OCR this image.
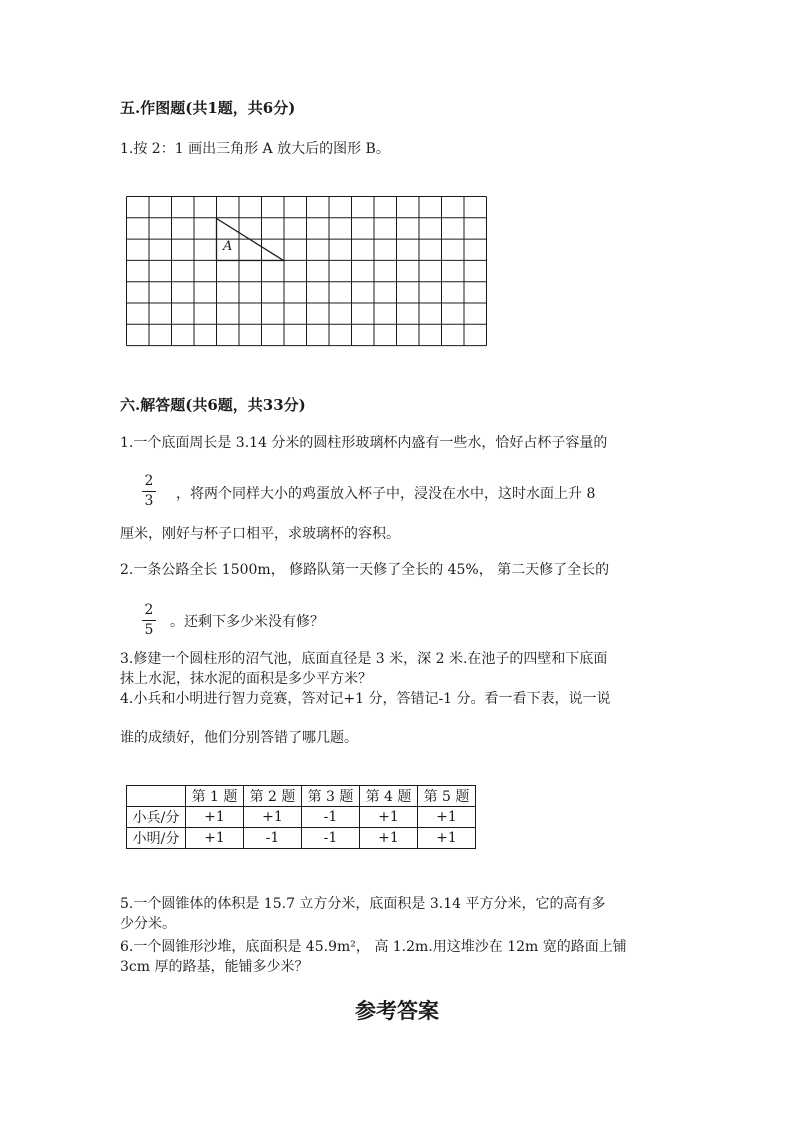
五.作图题(共1题，共6分)
1.按 2：1 画出三角形 A 放大后的图形 B。
A
六.解答题(共6题，共33分)
1.一个底面周长是 3.14 分米的圆柱形玻璃杯内盛有一些水，恰好占杯子容量的
2
3 ，将两个同样大小的鸡蛋放入杯子中，浸没在水中，这时水面上升 8
厘米，刚好与杯子口相平，求玻璃杯的容积。
2.一条公路全长 1500m， 修路队第一天修了全长的 45%， 第二天修了全长的
2
5 。还剩下多少米没有修？
3.修建一个圆柱形的沼气池，底面直径是 3 米，深 2 米.在池子的四壁和下底面
抹上水泥，抹水泥的面积是多少平方米？
4.小兵和小明进行智力竞赛，答对记+1 分，答错记-1 分。看一看下表，说一说
谁的成绩好，他们分别答错了哪几题。
	第 1 题	第 2 题	第 3 题	第 4 题	第 5 题
小兵/分	+1	+1	-1	+1	+1
小明/分	+1	-1	-1	+1	+1
5.一个圆锥体的体积是 15.7 立方分米，底面积是 3.14 平方分米，它的高有多
少分米。
6.一个圆锥形沙堆，底面积是 45.9m²， 高 1.2m.用这堆沙在 12m 宽的路面上铺
3cm 厚的路基，能铺多少米？
参考答案
